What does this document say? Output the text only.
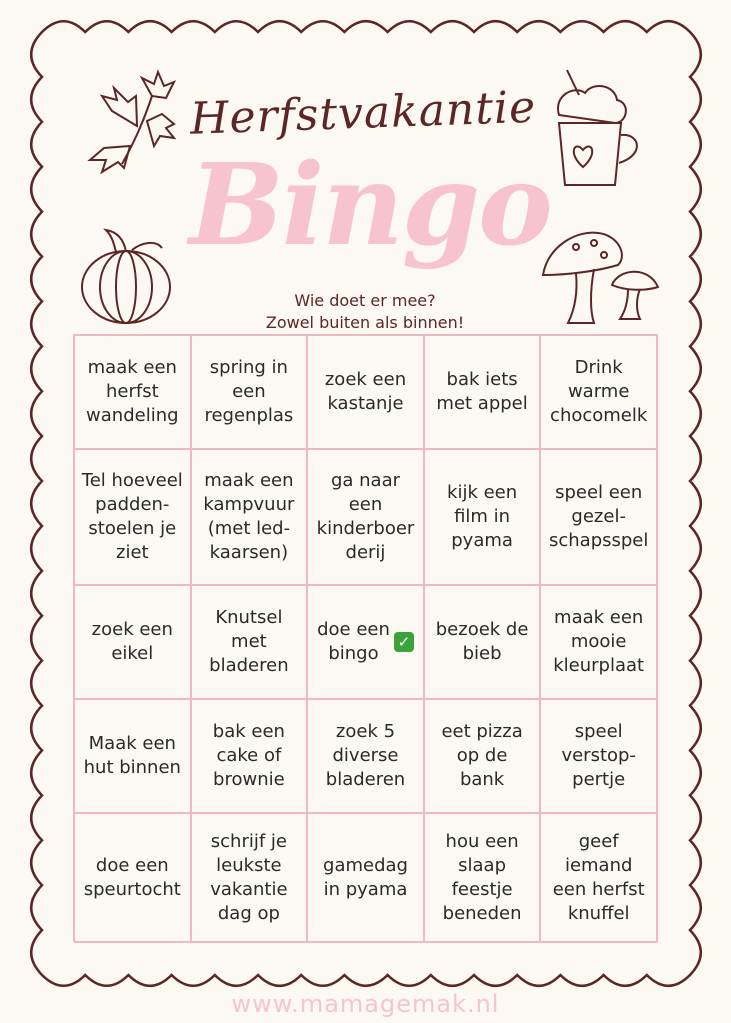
Herfstvakantie
Bingo
Wie doet er mee?
Zowel buiten als binnen!
maak een
herfst
wandeling
spring in
een
regenplas
zoek een
kastanje
bak iets
met appel
Drink
warme
chocomelk
Tel hoeveel
padden-
stoelen je
ziet
maak een
kampvuur
(met led-
kaarsen)
ga naar
een
kinderboer
derij
kijk een
film in
pyama
speel een
gezel-
schapsspel
zoek een
eikel
Knutsel
met
bladeren
doe een
bingo
✓
bezoek de
bieb
maak een
mooie
kleurplaat
Maak een
hut binnen
bak een
cake of
brownie
zoek 5
diverse
bladeren
eet pizza
op de
bank
speel
verstop-
pertje
doe een
speurtocht
schrijf je
leukste
vakantie
dag op
gamedag
in pyama
hou een
slaap
feestje
beneden
geef
iemand
een herfst
knuffel
www.mamagemak.nl
